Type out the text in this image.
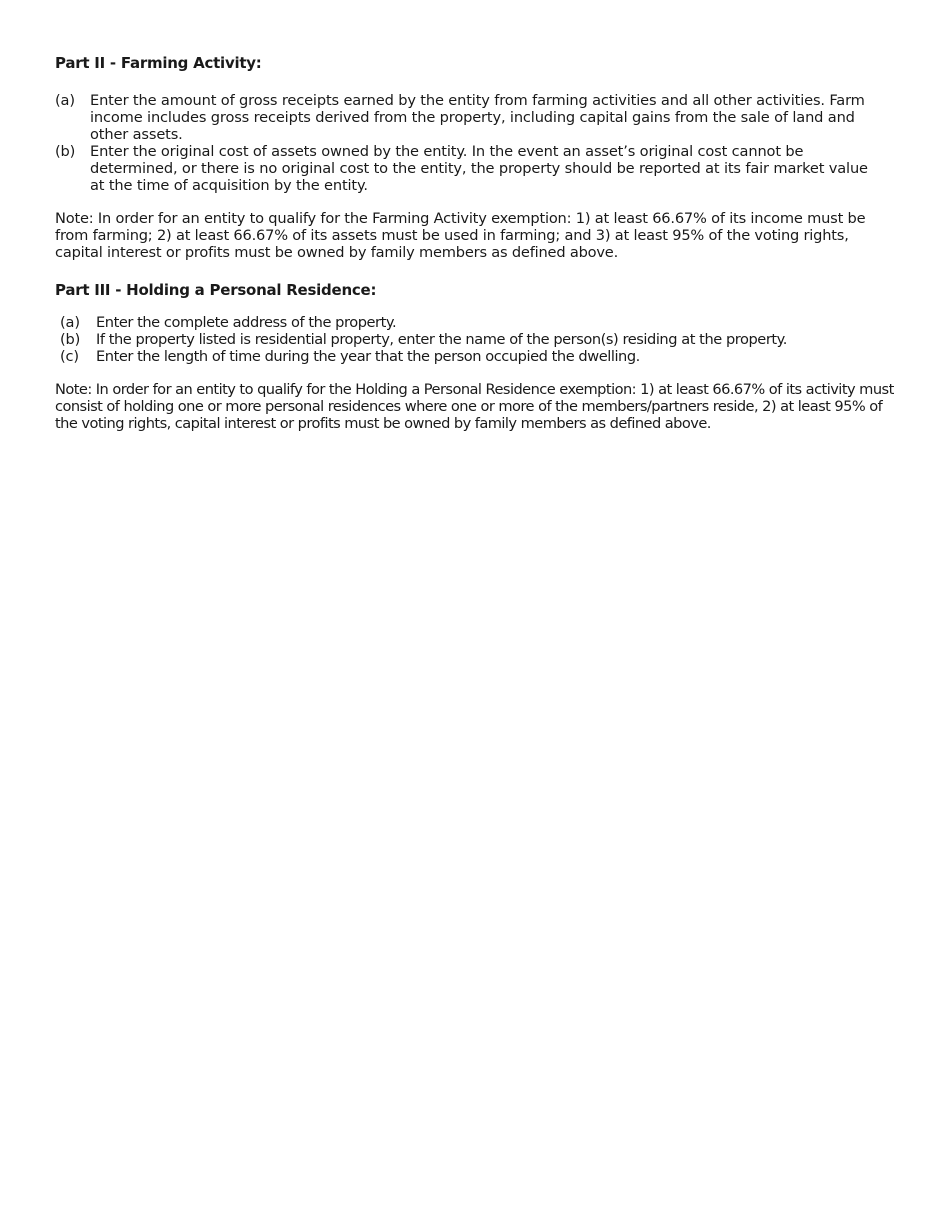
Part II - Farming Activity:
(a) Enter the amount of gross receipts earned by the entity from farming activities and all other activities. Farm income includes gross receipts derived from the property, including capital gains from the sale of land and other assets.
(b) Enter the original cost of assets owned by the entity. In the event an asset’s original cost cannot be determined, or there is no original cost to the entity, the property should be reported at its fair market value at the time of acquisition by the entity.

Note: In order for an entity to qualify for the Farming Activity exemption: 1) at least 66.67% of its income must be from farming; 2) at least 66.67% of its assets must be used in farming; and 3) at least 95% of the voting rights, capital interest or profits must be owned by family members as defined above.

Part III - Holding a Personal Residence:
(a) Enter the complete address of the property.
(b) If the property listed is residential property, enter the name of the person(s) residing at the property.
(c) Enter the length of time during the year that the person occupied the dwelling.

Note: In order for an entity to qualify for the Holding a Personal Residence exemption: 1) at least 66.67% of its activity must consist of holding one or more personal residences where one or more of the members/partners reside, 2) at least 95% of the voting rights, capital interest or profits must be owned by family members as defined above.
